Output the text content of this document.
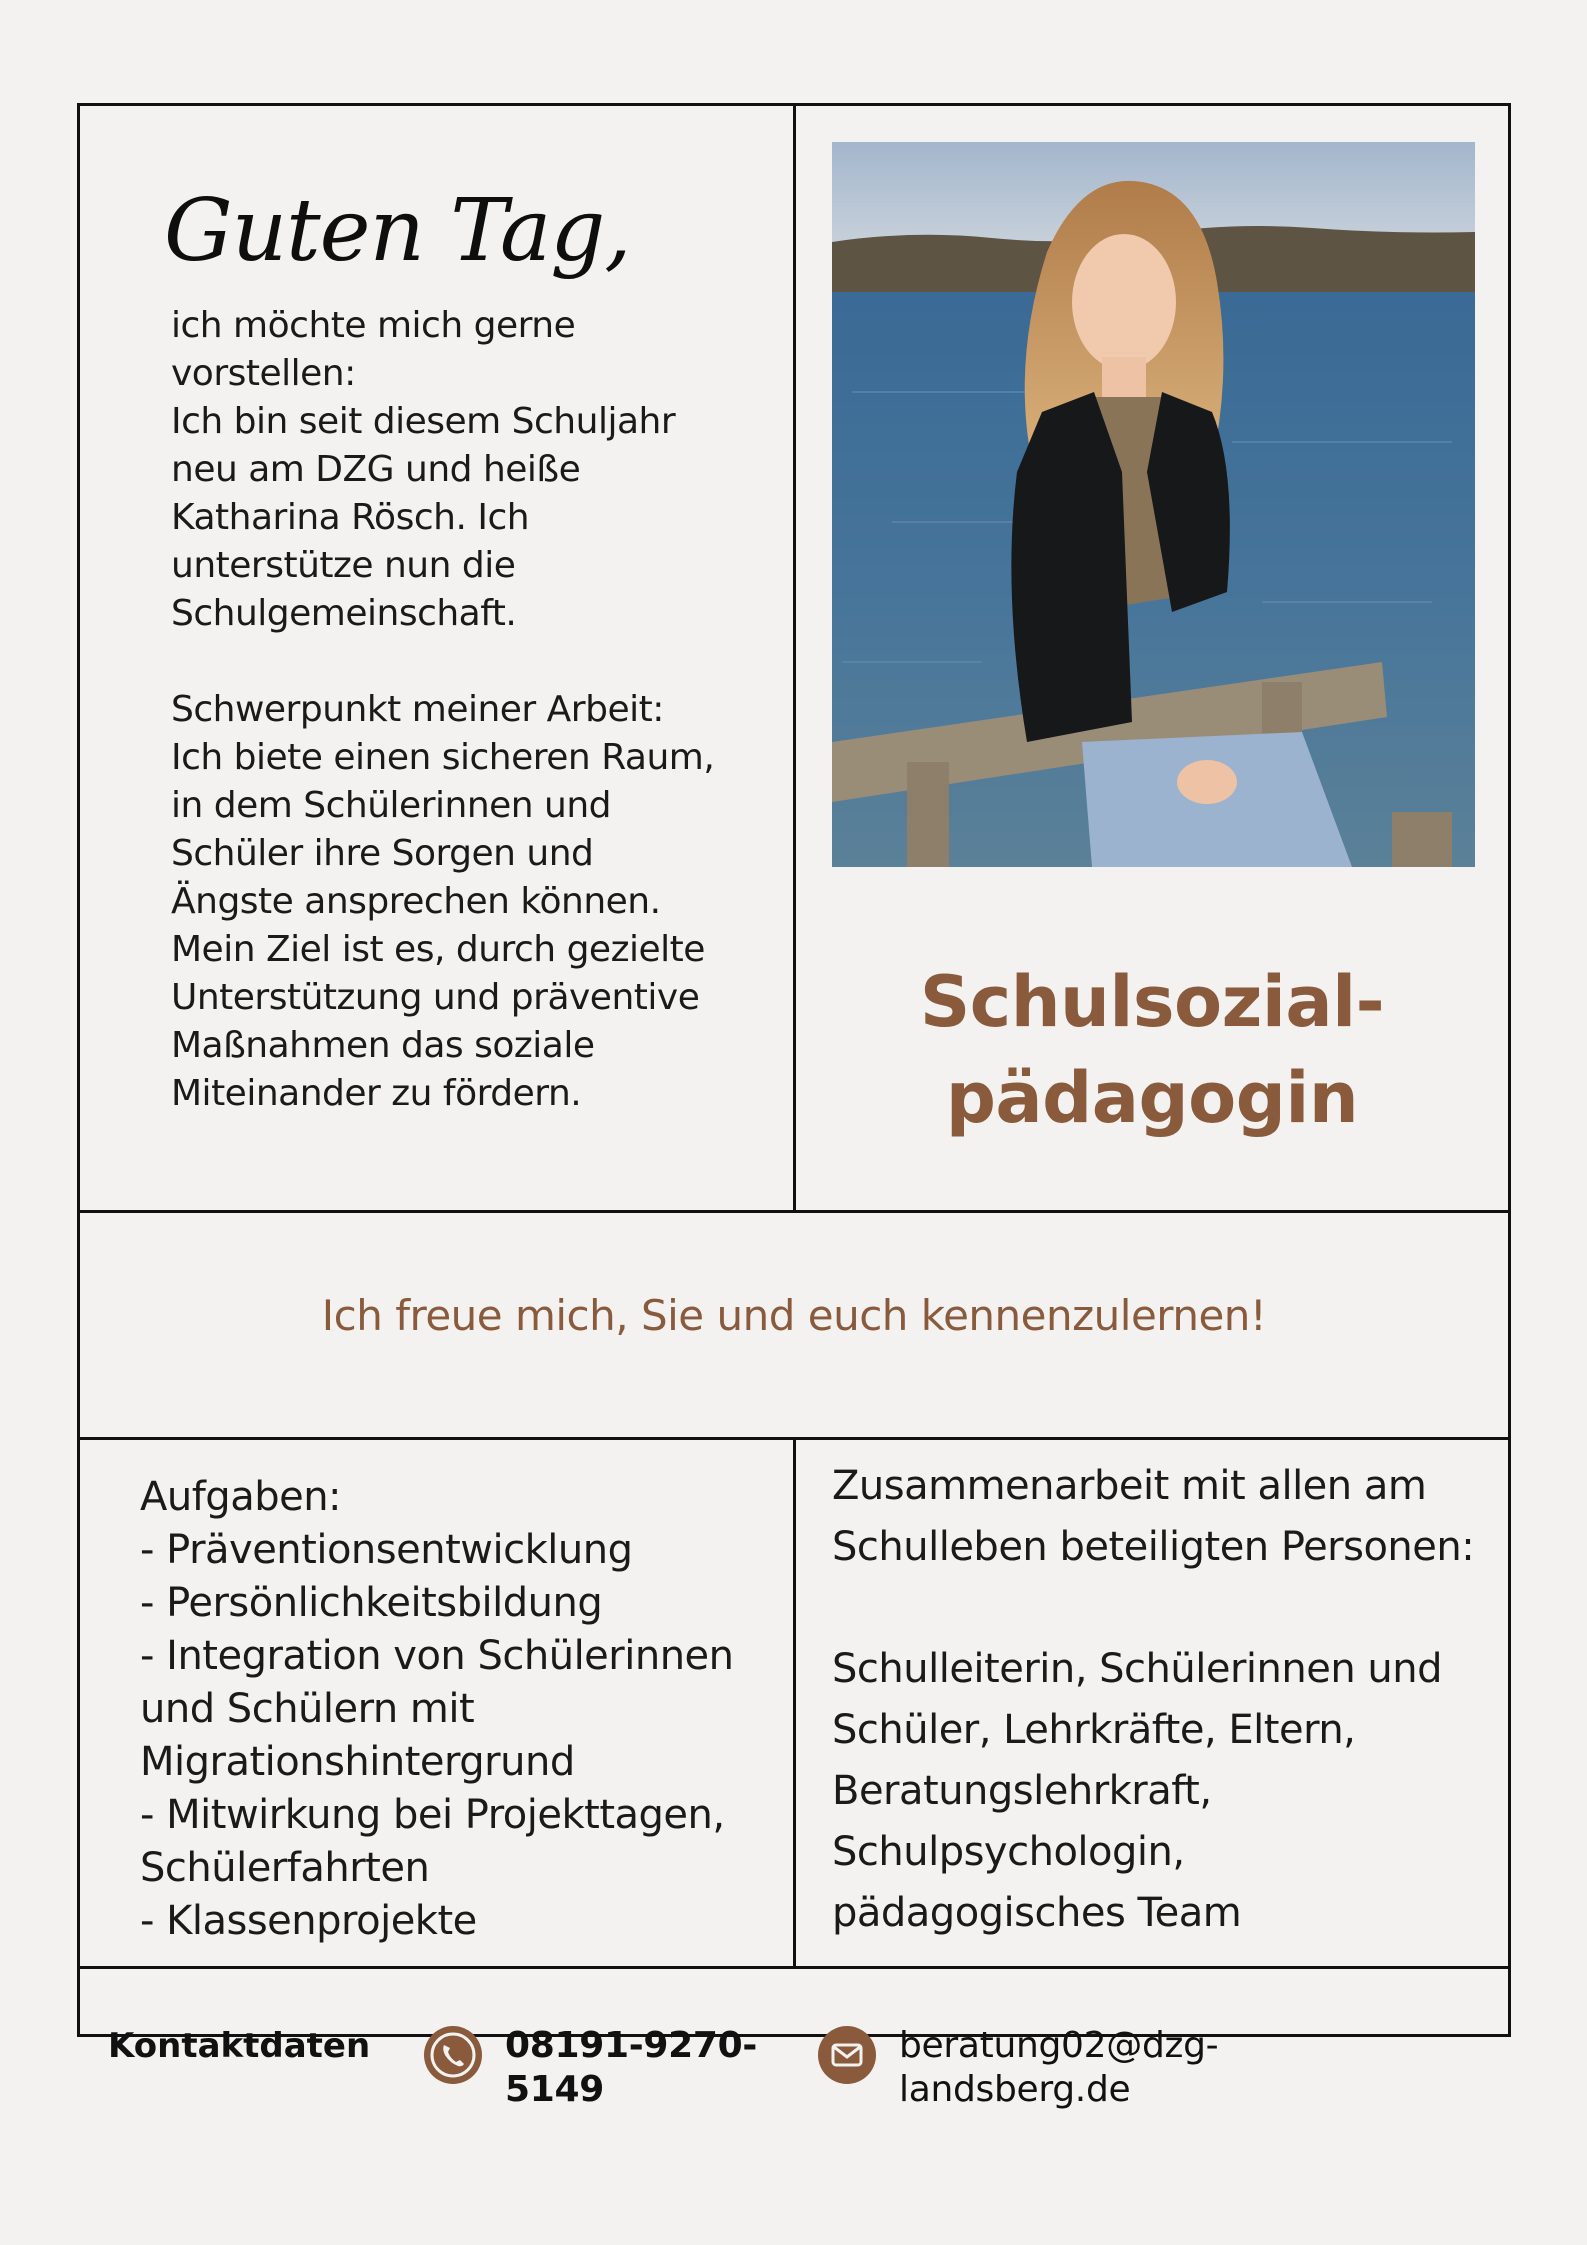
Guten Tag,

ich möchte mich gerne
vorstellen:
Ich bin seit diesem Schuljahr
neu am DZG und heiße
Katharina Rösch. Ich
unterstütze nun die
Schulgemeinschaft.

Schwerpunkt meiner Arbeit:
Ich biete einen sicheren Raum,
in dem Schülerinnen und
Schüler ihre Sorgen und
Ängste ansprechen können.
Mein Ziel ist es, durch gezielte
Unterstützung und präventive
Maßnahmen das soziale
Miteinander zu fördern.

Schulsozial-
pädagogin

Ich freue mich, Sie und euch kennenzulernen!

Aufgaben:
- Präventionsentwicklung
- Persönlichkeitsbildung
- Integration von Schülerinnen
und Schülern mit
Migrationshintergrund
- Mitwirkung bei Projekttagen,
Schülerfahrten
- Klassenprojekte

Zusammenarbeit mit allen am
Schulleben beteiligten Personen:

Schulleiterin, Schülerinnen und
Schüler, Lehrkräfte, Eltern,
Beratungslehrkraft,
Schulpsychologin,
pädagogisches Team

Kontaktdaten	08191-9270-
5149

beratung02@dzg-
landsberg.de
